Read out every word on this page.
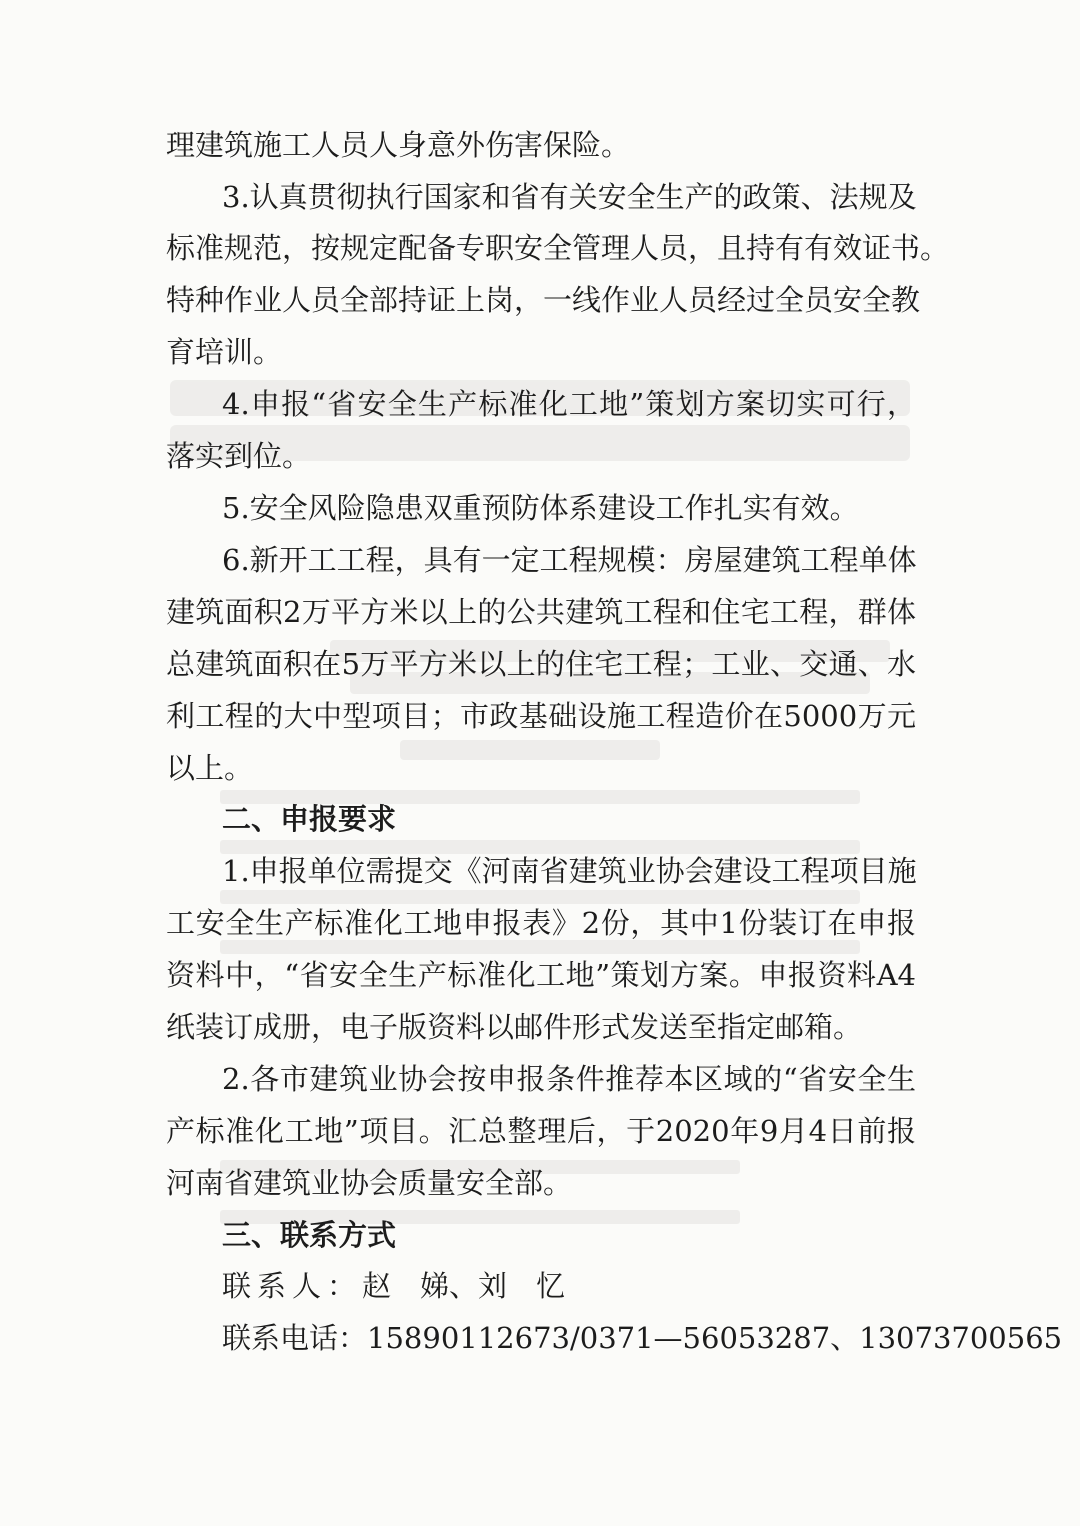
理建筑施工人员人身意外伤害保险。
3.认真贯彻执行国家和省有关安全生产的政策、法规及
标准规范，按规定配备专职安全管理人员，且持有有效证书。
特种作业人员全部持证上岗，一线作业人员经过全员安全教
育培训。
4.申报“省安全生产标准化工地”策划方案切实可行，
落实到位。
5.安全风险隐患双重预防体系建设工作扎实有效。
6.新开工工程，具有一定工程规模：房屋建筑工程单体
建筑面积2万平方米以上的公共建筑工程和住宅工程，群体
总建筑面积在5万平方米以上的住宅工程；工业、交通、水
利工程的大中型项目；市政基础设施工程造价在5000万元
以上。
二、申报要求
1.申报单位需提交《河南省建筑业协会建设工程项目施
工安全生产标准化工地申报表》2份，其中1份装订在申报
资料中，“省安全生产标准化工地”策划方案。申报资料A4
纸装订成册，电子版资料以邮件形式发送至指定邮箱。
2.各市建筑业协会按申报条件推荐本区域的“省安全生
产标准化工地”项目。汇总整理后，于2020年9月4日前报
河南省建筑业协会质量安全部。
三、联系方式
联系人：赵　娣、刘　忆
联系电话：15890112673/0371—56053287、13073700565
